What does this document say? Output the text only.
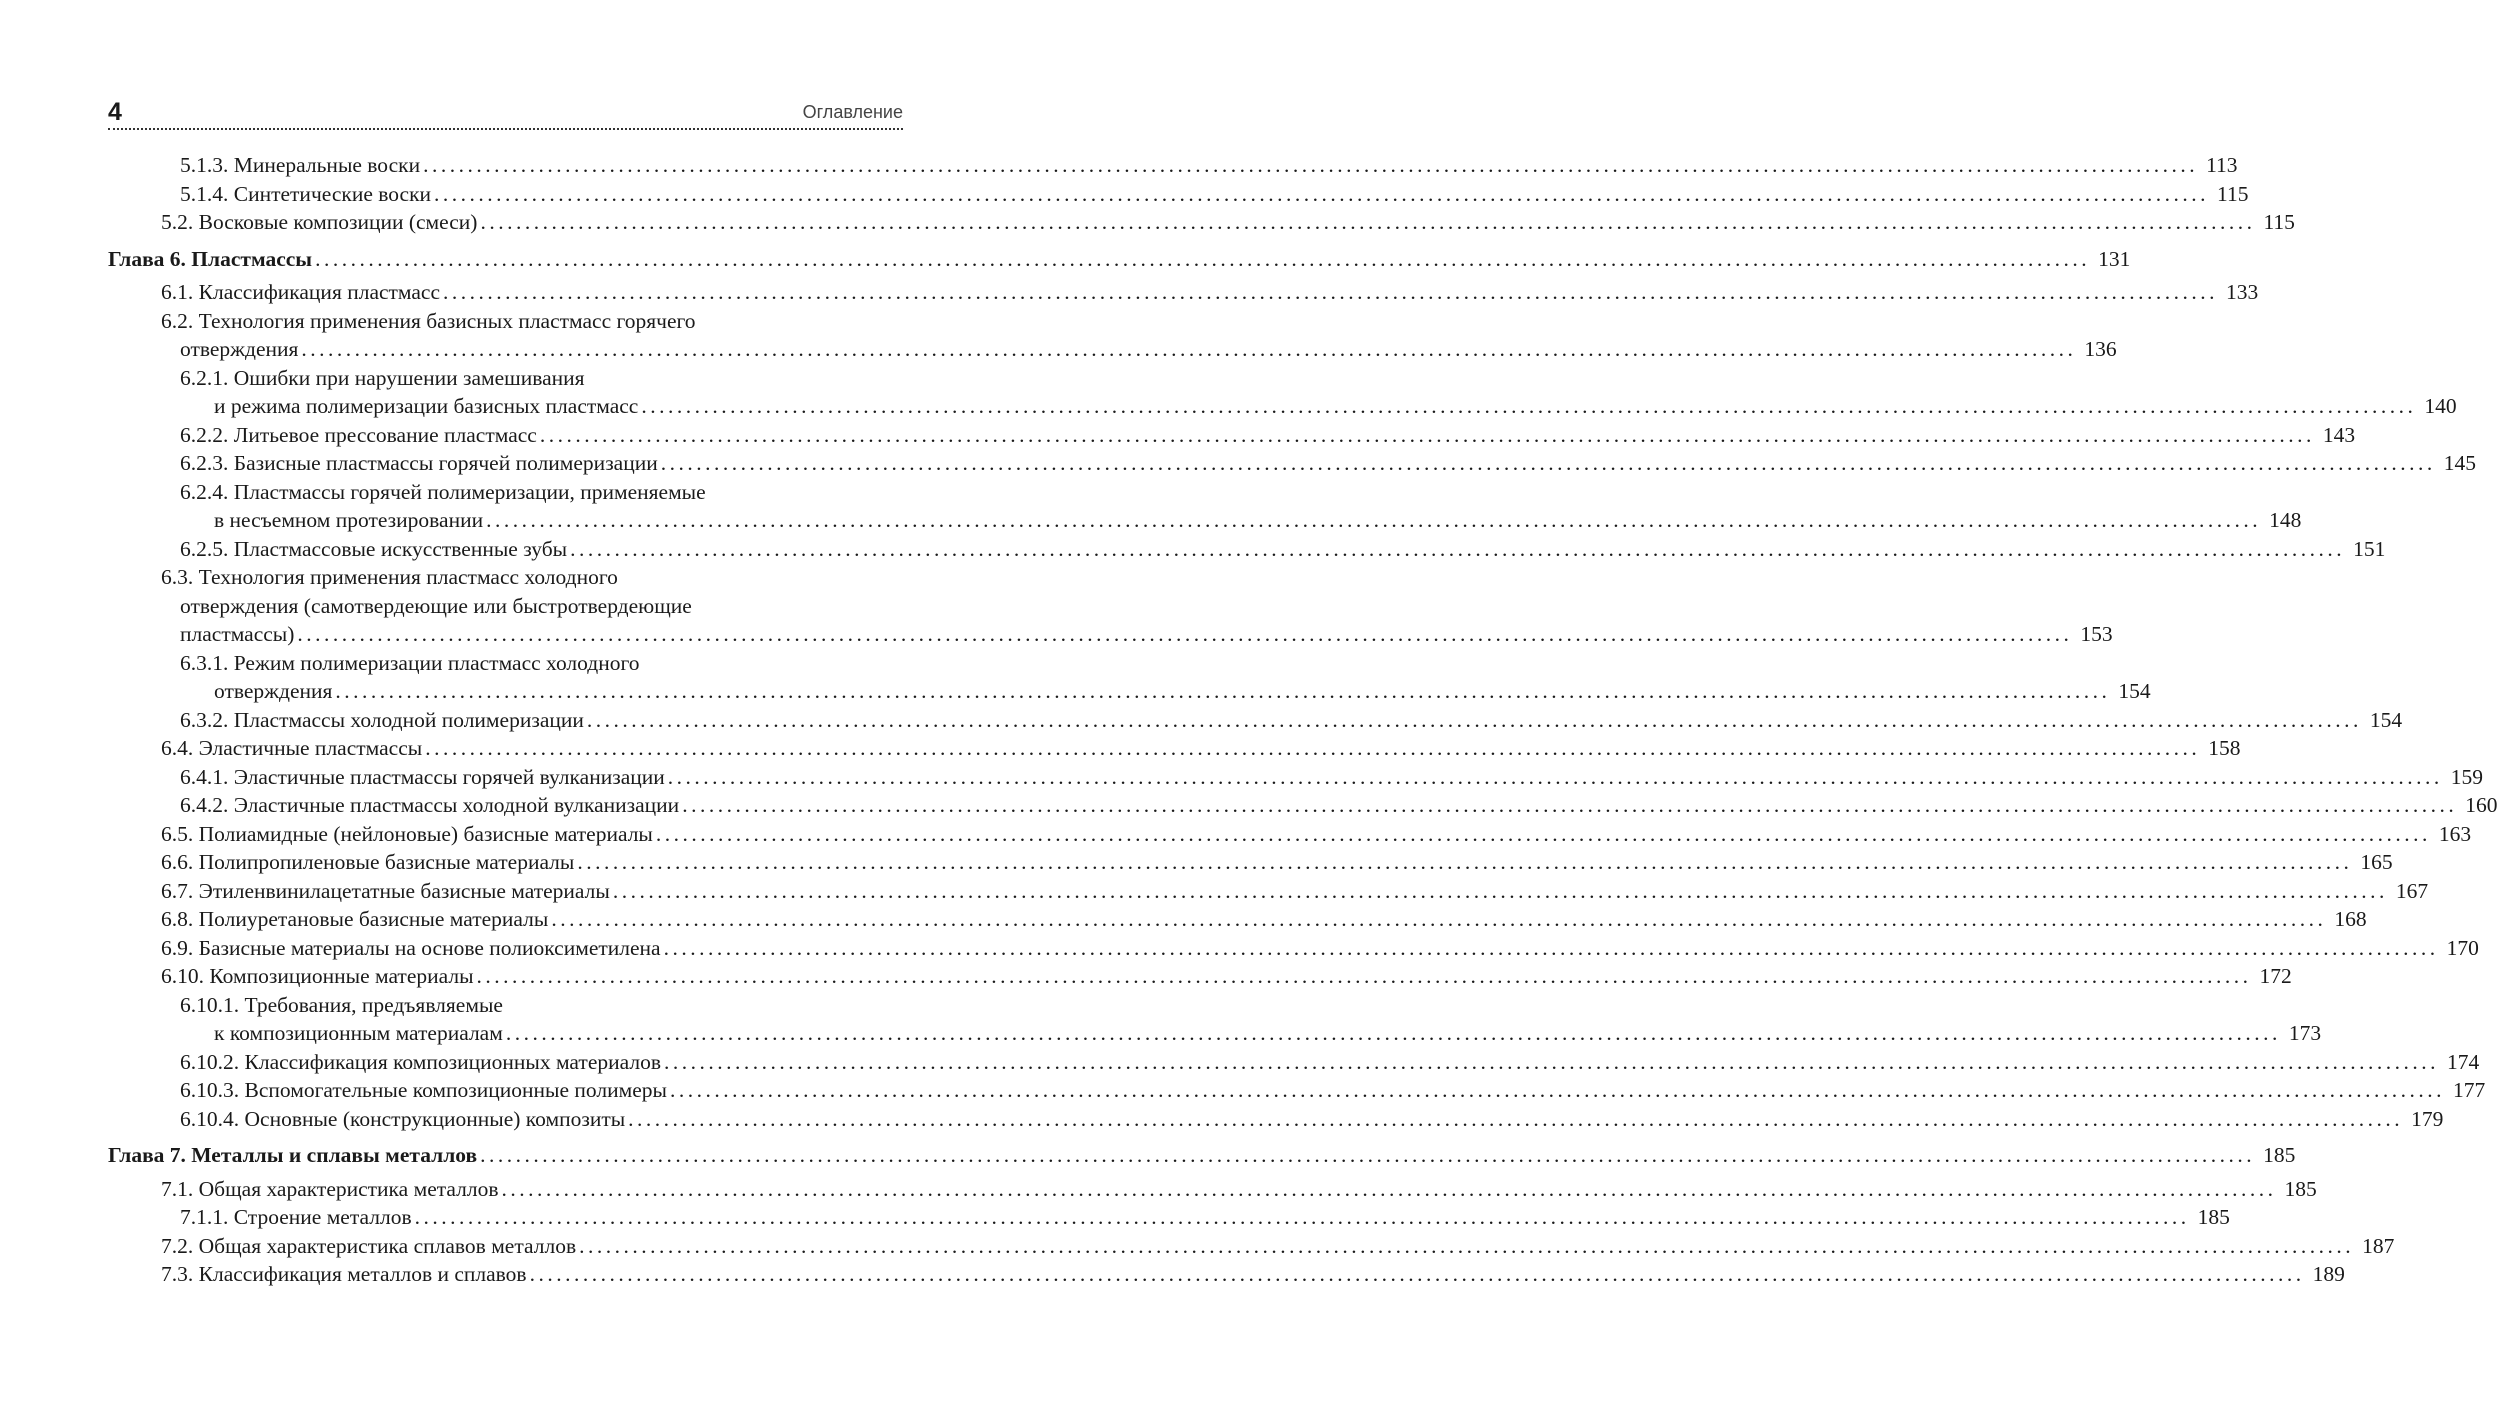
4	Оглавление
5.1.3. Минеральные воски ........................................................................................................................................................................................................ 113
5.1.4. Синтетические воски ........................................................................................................................................................................................................ 115
5.2. Восковые композиции (смеси) ........................................................................................................................................................................................................ 115
Глава 6. Пластмассы ........................................................................................................................................................................................................ 131
6.1. Классификация пластмасс ........................................................................................................................................................................................................ 133
6.2. Технология применения базисных пластмасс горячего
отверждения ........................................................................................................................................................................................................ 136
6.2.1. Ошибки при нарушении замешивания
и режима полимеризации базисных пластмасс ........................................................................................................................................................................................................ 140
6.2.2. Литьевое прессование пластмасс ........................................................................................................................................................................................................ 143
6.2.3. Базисные пластмассы горячей полимеризации ........................................................................................................................................................................................................ 145
6.2.4. Пластмассы горячей полимеризации, применяемые
в несъемном протезировании ........................................................................................................................................................................................................ 148
6.2.5. Пластмассовые искусственные зубы ........................................................................................................................................................................................................ 151
6.3. Технология применения пластмасс холодного
отверждения (самотвердеющие или быстротвердеющие
пластмассы) ........................................................................................................................................................................................................ 153
6.3.1. Режим полимеризации пластмасс холодного
отверждения ........................................................................................................................................................................................................ 154
6.3.2. Пластмассы холодной полимеризации ........................................................................................................................................................................................................ 154
6.4. Эластичные пластмассы ........................................................................................................................................................................................................ 158
6.4.1. Эластичные пластмассы горячей вулканизации ........................................................................................................................................................................................................ 159
6.4.2. Эластичные пластмассы холодной вулканизации ........................................................................................................................................................................................................ 160
6.5. Полиамидные (нейлоновые) базисные материалы ........................................................................................................................................................................................................ 163
6.6. Полипропиленовые базисные материалы ........................................................................................................................................................................................................ 165
6.7. Этиленвинилацетатные базисные материалы ........................................................................................................................................................................................................ 167
6.8. Полиуретановые базисные материалы ........................................................................................................................................................................................................ 168
6.9. Базисные материалы на основе полиоксиметилена ........................................................................................................................................................................................................ 170
6.10. Композиционные материалы ........................................................................................................................................................................................................ 172
6.10.1. Требования, предъявляемые
к композиционным материалам ........................................................................................................................................................................................................ 173
6.10.2. Классификация композиционных материалов ........................................................................................................................................................................................................ 174
6.10.3. Вспомогательные композиционные полимеры ........................................................................................................................................................................................................ 177
6.10.4. Основные (конструкционные) композиты ........................................................................................................................................................................................................ 179
Глава 7. Металлы и сплавы металлов ........................................................................................................................................................................................................ 185
7.1. Общая характеристика металлов ........................................................................................................................................................................................................ 185
7.1.1. Строение металлов ........................................................................................................................................................................................................ 185
7.2. Общая характеристика сплавов металлов ........................................................................................................................................................................................................ 187
7.3. Классификация металлов и сплавов ........................................................................................................................................................................................................ 189
